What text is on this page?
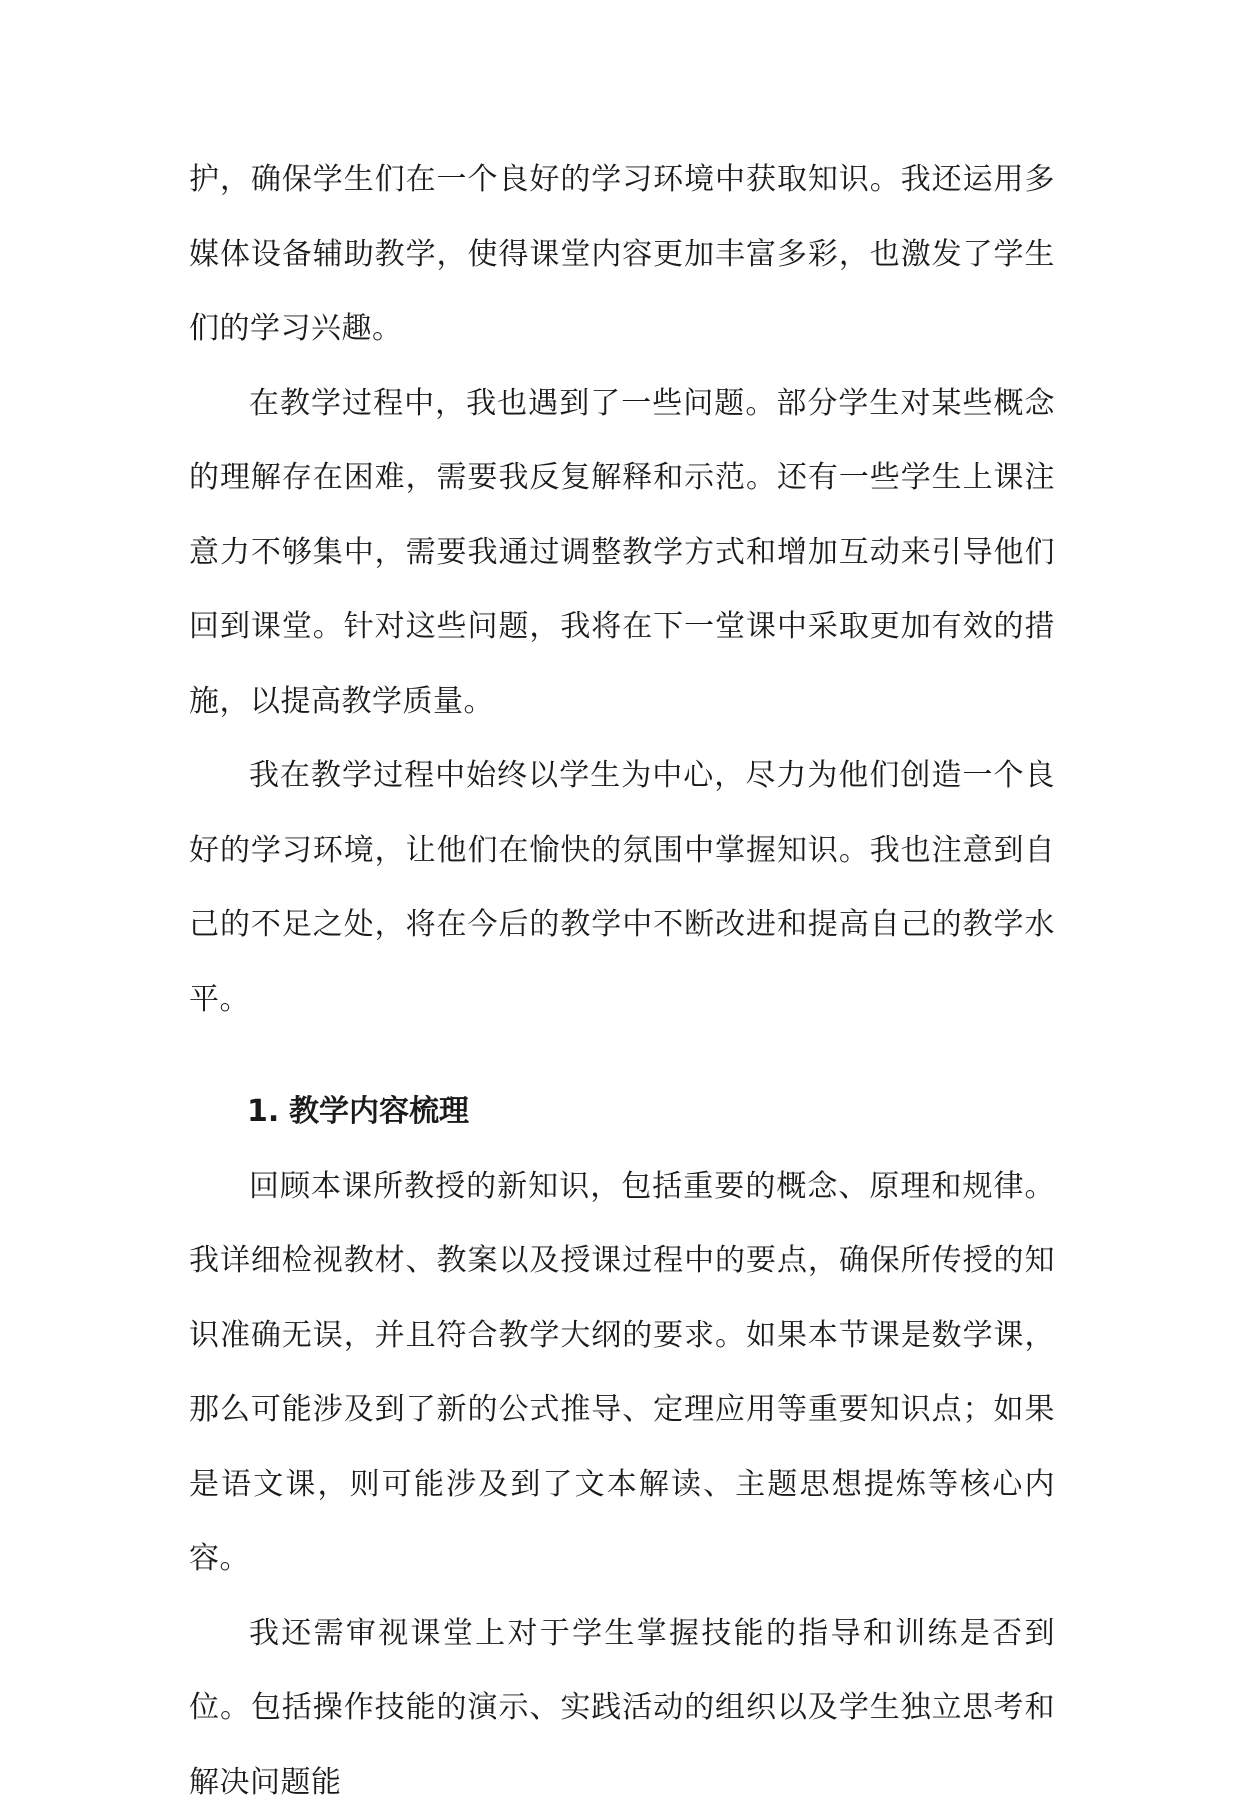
护，确保学生们在一个良好的学习环境中获取知识。我还运用多媒体设备辅助教学，使得课堂内容更加丰富多彩，也激发了学生们的学习兴趣。

在教学过程中，我也遇到了一些问题。部分学生对某些概念的理解存在困难，需要我反复解释和示范。还有一些学生上课注意力不够集中，需要我通过调整教学方式和增加互动来引导他们回到课堂。针对这些问题，我将在下一堂课中采取更加有效的措施，以提高教学质量。

我在教学过程中始终以学生为中心，尽力为他们创造一个良好的学习环境，让他们在愉快的氛围中掌握知识。我也注意到自己的不足之处，将在今后的教学中不断改进和提高自己的教学水平。

1. 教学内容梳理

回顾本课所教授的新知识，包括重要的概念、原理和规律。我详细检视教材、教案以及授课过程中的要点，确保所传授的知识准确无误，并且符合教学大纲的要求。如果本节课是数学课，那么可能涉及到了新的公式推导、定理应用等重要知识点；如果是语文课，则可能涉及到了文本解读、主题思想提炼等核心内容。

我还需审视课堂上对于学生掌握技能的指导和训练是否到位。包括操作技能的演示、实践活动的组织以及学生独立思考和解决问题能
